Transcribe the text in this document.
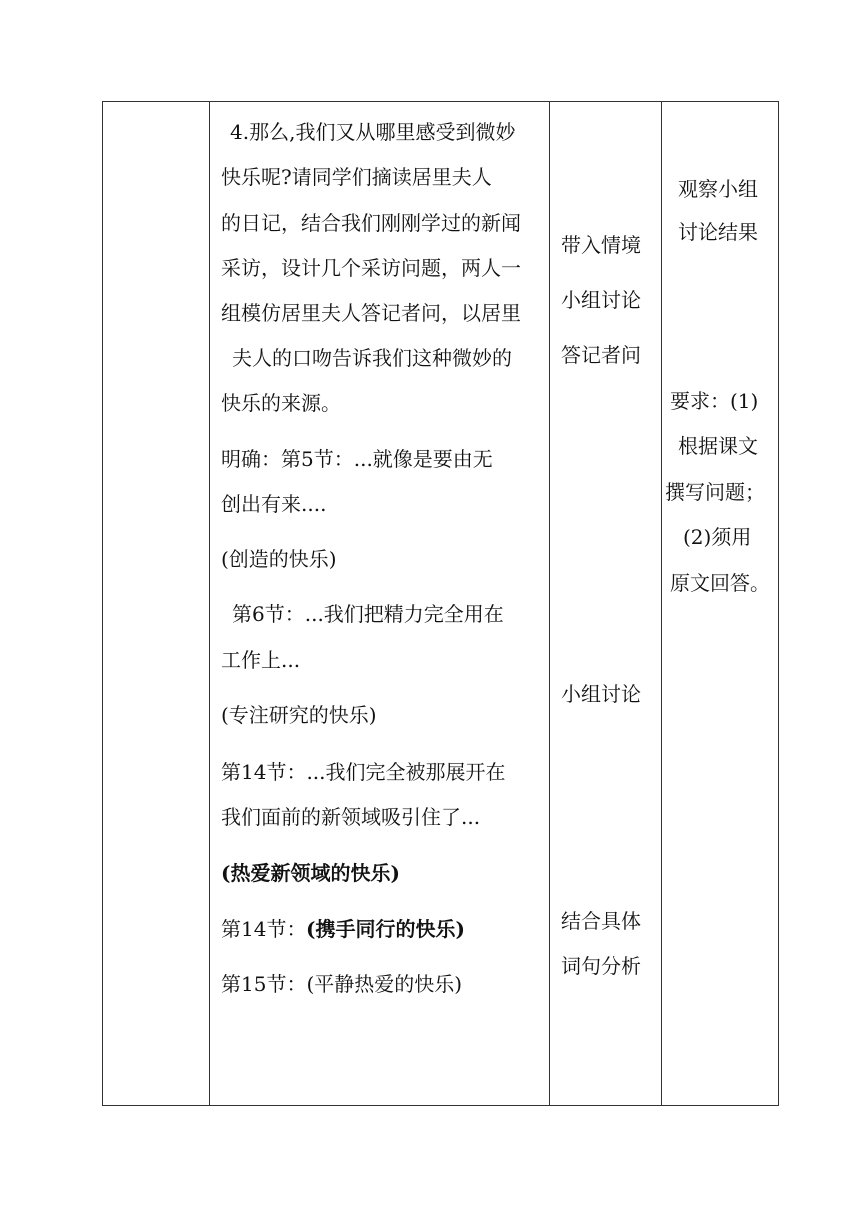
4.那么,我们又从哪里感受到微妙
快乐呢?请同学们摘读居里夫人
的日记，结合我们刚刚学过的新闻
采访，设计几个采访问题，两人一
组模仿居里夫人答记者问，以居里
夫人的口吻告诉我们这种微妙的
快乐的来源。
明确：第5节：...就像是要由无
创出有来....
(创造的快乐)
第6节：...我们把精力完全用在
工作上...
(专注研究的快乐)
第14节：...我们完全被那展开在
我们面前的新领域吸引住了...
(热爱新领域的快乐)
第14节： (携手同行的快乐)
第15节：(平静热爱的快乐)
带入情境
小组讨论
答记者问
小组讨论
结合具体
词句分析
观察小组
讨论结果
要求：(1)
根据课文
撰写问题；
(2)须用
原文回答。
